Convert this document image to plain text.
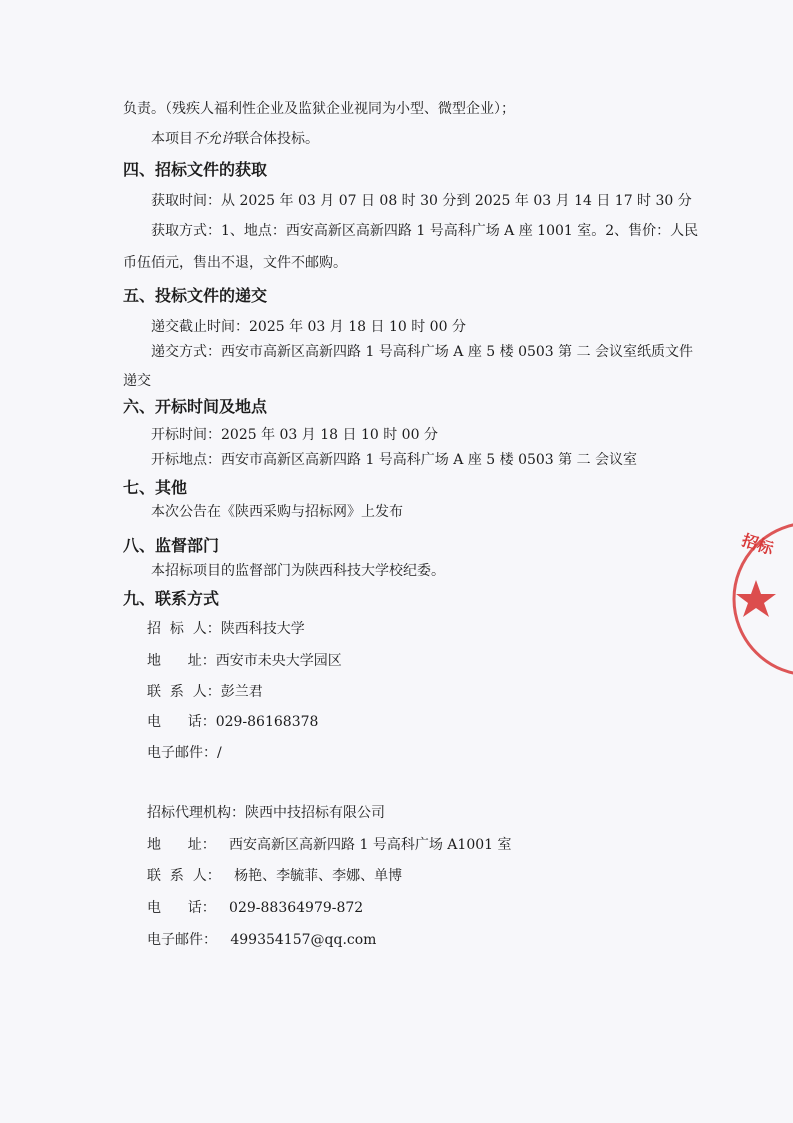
负责。（残疾人福利性企业及监狱企业视同为小型、微型企业）；
本项目不允许联合体投标。
四、招标文件的获取
获取时间：从 2025 年 03 月 07 日 08 时 30 分到 2025 年 03 月 14 日 17 时 30 分
获取方式：1、地点：西安高新区高新四路 1 号高科广场 A 座 1001 室。2、售价：人民
币伍佰元，售出不退，文件不邮购。
五、投标文件的递交
递交截止时间：2025 年 03 月 18 日 10 时 00 分
递交方式：西安市高新区高新四路 1 号高科广场 A 座 5 楼 0503 第 二 会议室纸质文件
递交
六、开标时间及地点
开标时间：2025 年 03 月 18 日 10 时 00 分
开标地点：西安市高新区高新四路 1 号高科广场 A 座 5 楼 0503 第 二 会议室
七、其他
本次公告在《陕西采购与招标网》上发布
八、监督部门
本招标项目的监督部门为陕西科技大学校纪委。
九、联系方式
招  标  人：陕西科技大学
地      址：西安市未央大学园区
联  系  人：彭兰君
电      话：029-86168378
电子邮件：/
招标代理机构：陕西中技招标有限公司
地      址：   西安高新区高新四路 1 号高科广场 A1001 室
联  系  人：   杨艳、李毓菲、李娜、单博
电      话：   029-88364979-872
电子邮件：   499354157@qq.com
招标
